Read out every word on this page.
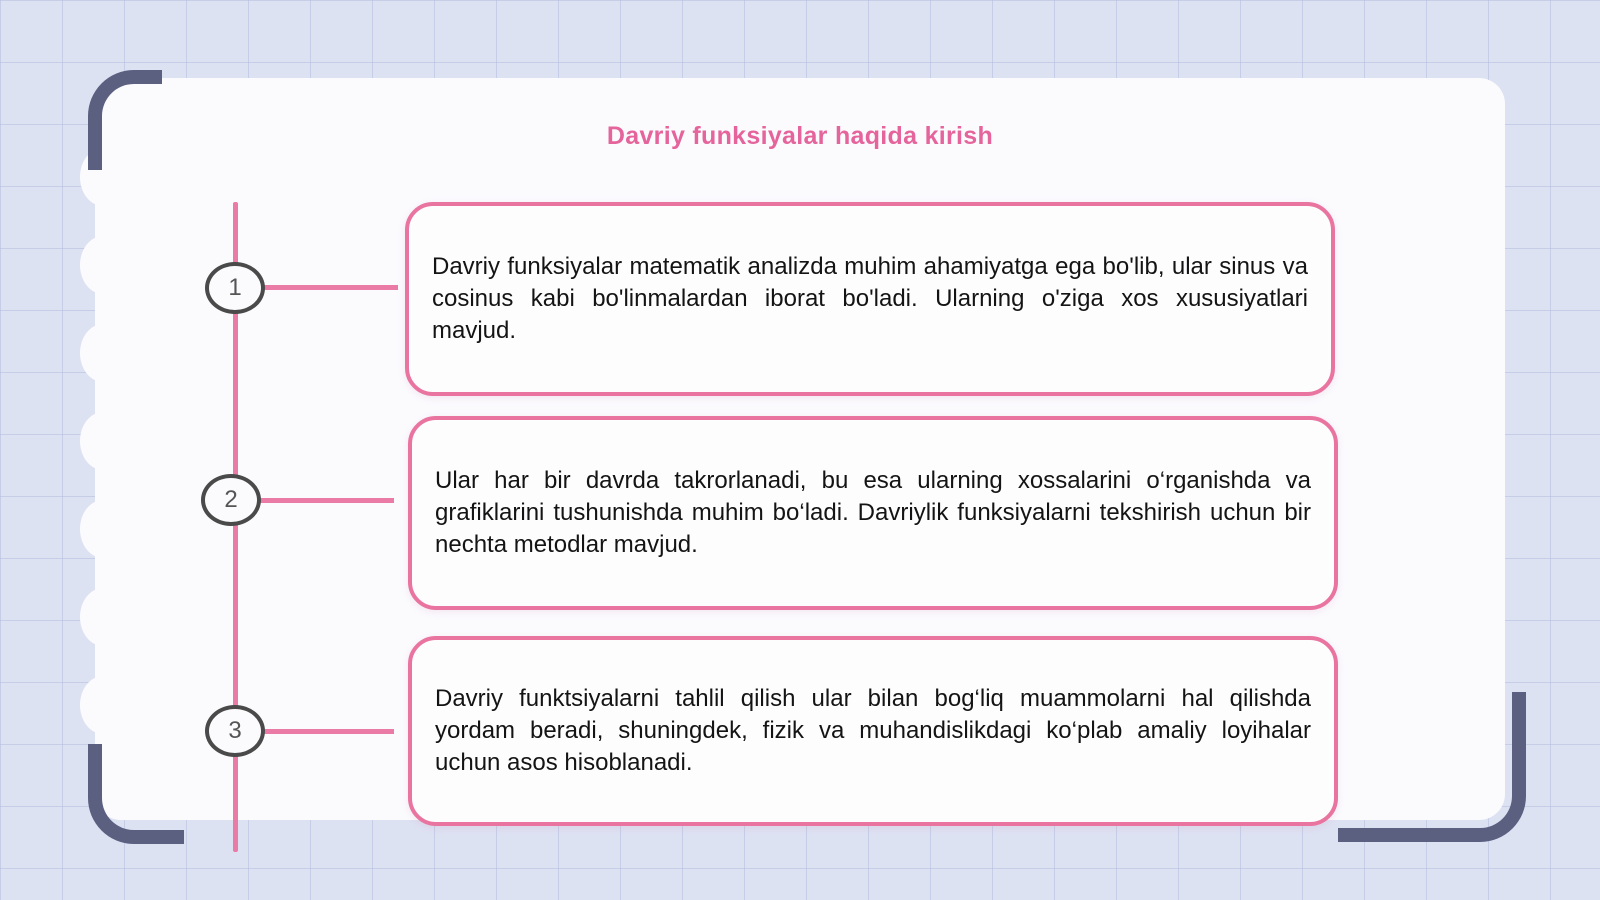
Davriy funksiyalar haqida kirish
1

Davriy funksiyalar matematik analizda muhim ahamiyatga ega bo'lib, ular sinus va cosinus kabi bo'linmalardan iborat bo'ladi. Ularning o'ziga xos xususiyatlari mavjud.

2

Ular har bir davrda takrorlanadi, bu esa ularning xossalarini o‘rganishda va grafiklarini tushunishda muhim bo‘ladi. Davriylik funksiyalarni tekshirish uchun bir nechta metodlar mavjud.

3

Davriy funktsiyalarni tahlil qilish ular bilan bog‘liq muammolarni hal qilishda yordam beradi, shuningdek, fizik va muhandislikdagi ko‘plab amaliy loyihalar uchun asos hisoblanadi.
